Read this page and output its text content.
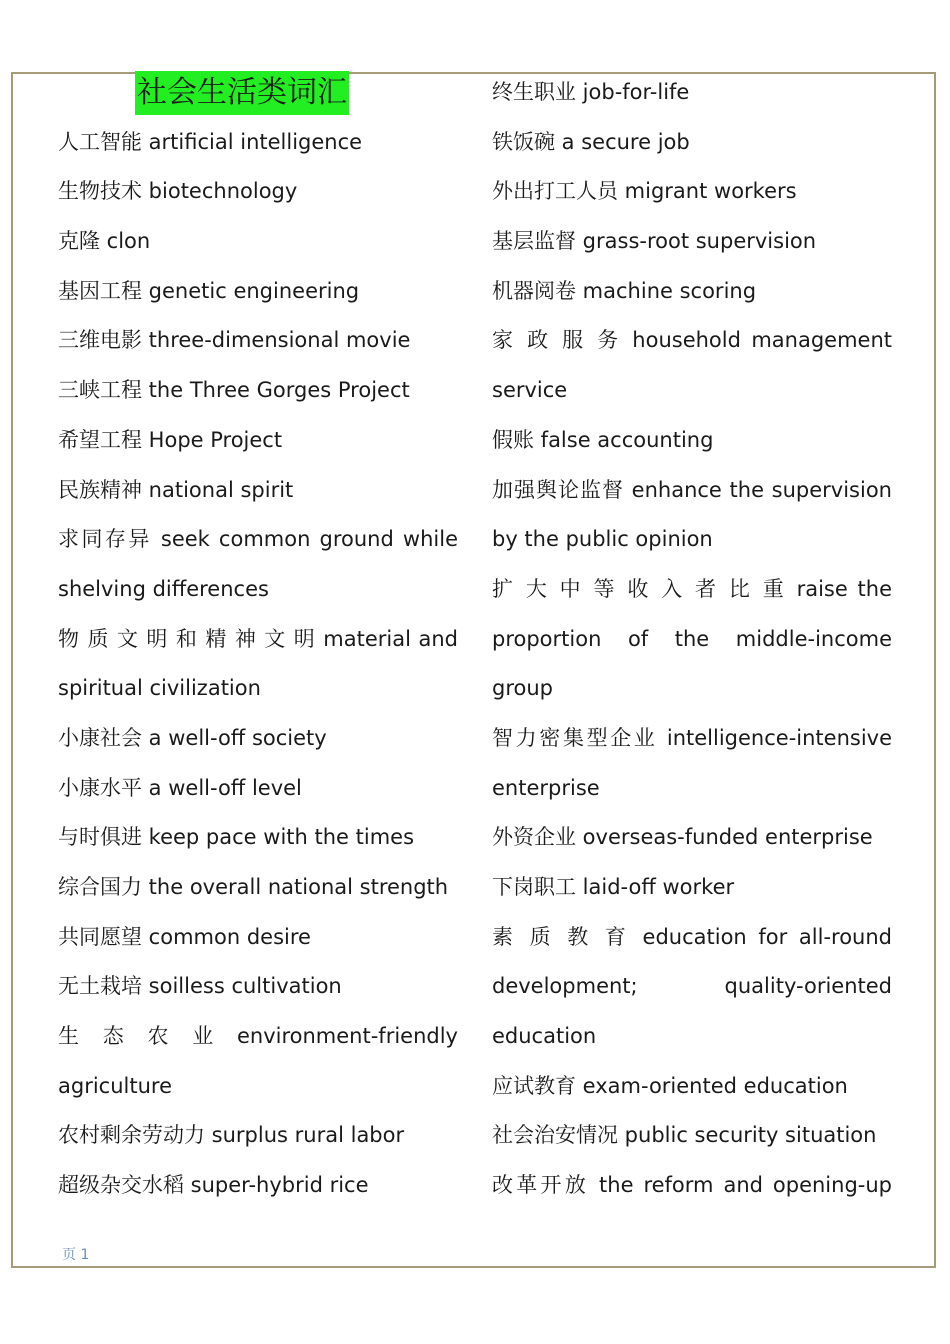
社会生活类词汇
人工智能 artificial intelligence
生物技术 biotechnology
克隆 clon
基因工程 genetic engineering
三维电影 three-dimensional movie
三峡工程 the Three Gorges Project
希望工程 Hope Project
民族精神 national spirit
求同存异 seek common ground while
shelving differences
物 质 文 明 和 精 神 文 明 material and
spiritual civilization
小康社会 a well-off society
小康水平 a well-off level
与时俱进 keep pace with the times
综合国力 the overall national strength
共同愿望 common desire
无土栽培 soilless cultivation
生 态 农 业 environment-friendly
agriculture
农村剩余劳动力 surplus rural labor
超级杂交水稻 super-hybrid rice
终生职业 job-for-life
铁饭碗 a secure job
外出打工人员 migrant workers
基层监督 grass-root supervision
机器阅卷 machine scoring
家 政 服 务 household management
service
假账 false accounting
加强舆论监督 enhance the supervision
by the public opinion
扩 大 中 等 收 入 者 比 重 raise the
proportion of the middle-income
group
智力密集型企业 intelligence-intensive
enterprise
外资企业 overseas-funded enterprise
下岗职工 laid-off worker
素 质 教 育 education for all-round
development; quality-oriented
education
应试教育 exam-oriented education
社会治安情况 public security situation
改革开放 the reform and opening-up
页 1
